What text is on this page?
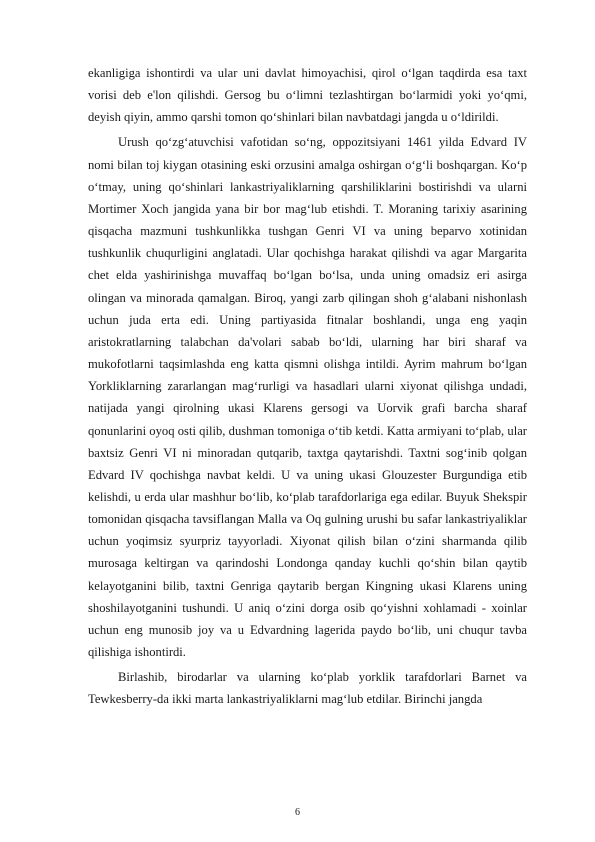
ekanligiga ishontirdi va ular uni davlat himoyachisi, qirol o‘lgan taqdirda esa taxt vorisi deb e'lon qilishdi. Gersog bu o‘limni tezlashtirgan bo‘larmidi yoki yo‘qmi, deyish qiyin, ammo qarshi tomon qo‘shinlari bilan navbatdagi jangda u o‘ldirildi.

Urush qo‘zg‘atuvchisi vafotidan so‘ng, oppozitsiyani 1461 yilda Edvard IV nomi bilan toj kiygan otasining eski orzusini amalga oshirgan o‘g‘li boshqargan. Ko‘p o‘tmay, uning qo‘shinlari lankastriyaliklarning qarshiliklarini bostirishdi va ularni Mortimer Xoch jangida yana bir bor mag‘lub etishdi. T. Moraning tarixiy asarining qisqacha mazmuni tushkunlikka tushgan Genri VI va uning beparvo xotinidan tushkunlik chuqurligini anglatadi. Ular qochishga harakat qilishdi va agar Margarita chet elda yashirinishga muvaffaq bo‘lgan bo‘lsa, unda uning omadsiz eri asirga olingan va minorada qamalgan. Biroq, yangi zarb qilingan shoh g‘alabani nishonlash uchun juda erta edi. Uning partiyasida fitnalar boshlandi, unga eng yaqin aristokratlarning talabchan da'volari sabab bo‘ldi, ularning har biri sharaf va mukofotlarni taqsimlashda eng katta qismni olishga intildi. Ayrim mahrum bo‘lgan Yorkliklarning zararlangan mag‘rurligi va hasadlari ularni xiyonat qilishga undadi, natijada yangi qirolning ukasi Klarens gersogi va Uorvik grafi barcha sharaf qonunlarini oyoq osti qilib, dushman tomoniga o‘tib ketdi. Katta armiyani to‘plab, ular baxtsiz Genri VI ni minoradan qutqarib, taxtga qaytarishdi. Taxtni sog‘inib qolgan Edvard IV qochishga navbat keldi. U va uning ukasi Glouzester Burgundiga etib kelishdi, u erda ular mashhur bo‘lib, ko‘plab tarafdorlariga ega edilar. Buyuk Shekspir tomonidan qisqacha tavsiflangan Malla va Oq gulning urushi bu safar lankastriyaliklar uchun yoqimsiz syurpriz tayyorladi. Xiyonat qilish bilan o‘zini sharmanda qilib murosaga keltirgan va qarindoshi Londonga qanday kuchli qo‘shin bilan qaytib kelayotganini bilib, taxtni Genriga qaytarib bergan Kingning ukasi Klarens uning shoshilayotganini tushundi. U aniq o‘zini dorga osib qo‘yishni xohlamadi - xoinlar uchun eng munosib joy va u Edvardning lagerida paydo bo‘lib, uni chuqur tavba qilishiga ishontirdi.

Birlashib, birodarlar va ularning ko‘plab yorklik tarafdorlari Barnet va Tewkesberry-da ikki marta lankastriyaliklarni mag‘lub etdilar. Birinchi jangda

6
